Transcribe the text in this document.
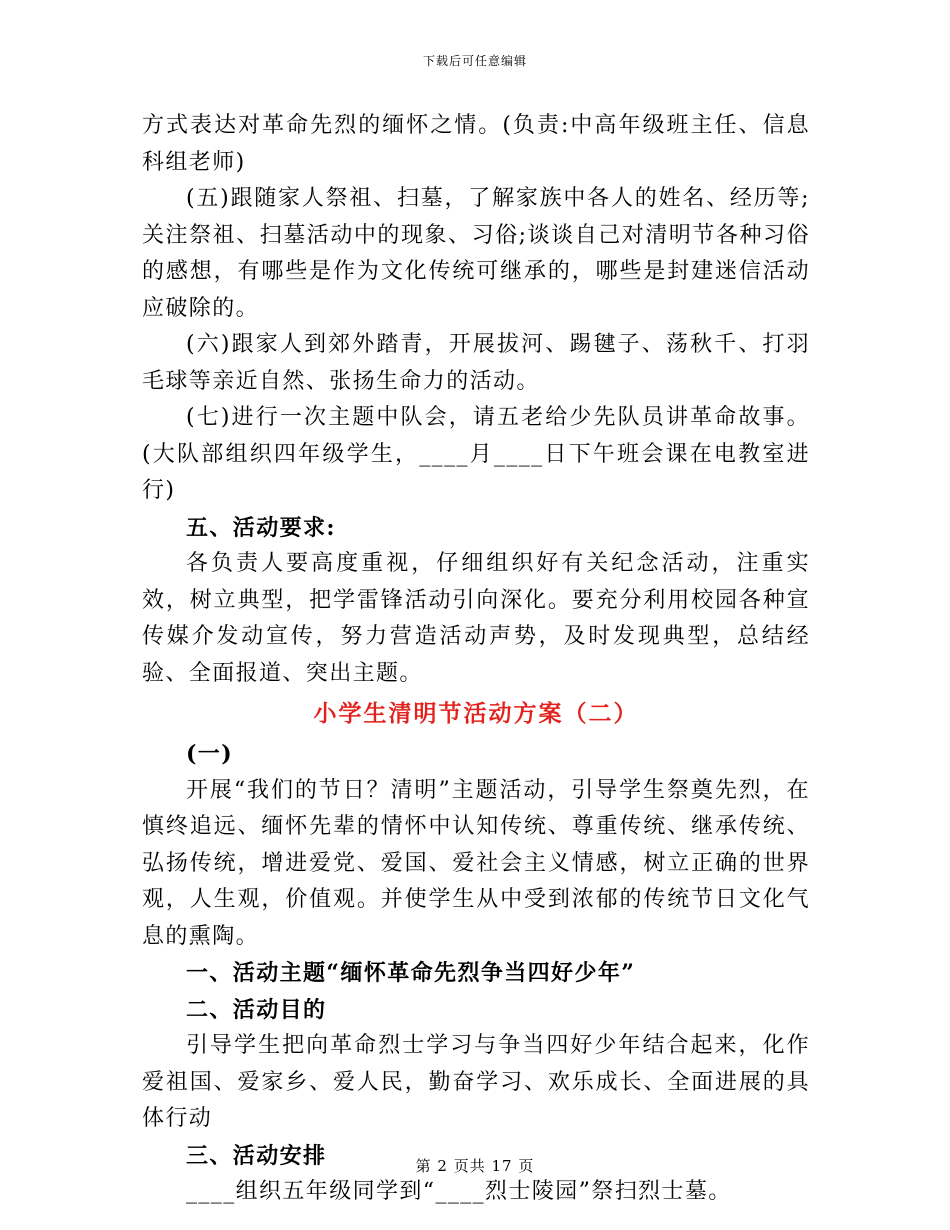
下载后可任意编辑

方式表达对革命先烈的缅怀之情。(负责:中高年级班主任、信息科组老师)

(五)跟随家人祭祖、扫墓，了解家族中各人的姓名、经历等;关注祭祖、扫墓活动中的现象、习俗;谈谈自己对清明节各种习俗的感想，有哪些是作为文化传统可继承的，哪些是封建迷信活动应破除的。

(六)跟家人到郊外踏青，开展拔河、踢毽子、荡秋千、打羽毛球等亲近自然、张扬生命力的活动。

(七)进行一次主题中队会，请五老给少先队员讲革命故事。(大队部组织四年级学生，____月____日下午班会课在电教室进行)

五、活动要求:

各负责人要高度重视，仔细组织好有关纪念活动，注重实效，树立典型，把学雷锋活动引向深化。要充分利用校园各种宣传媒介发动宣传，努力营造活动声势，及时发现典型，总结经验、全面报道、突出主题。

小学生清明节活动方案（二）

(一)

开展“我们的节日？清明”主题活动，引导学生祭奠先烈，在慎终追远、缅怀先辈的情怀中认知传统、尊重传统、继承传统、弘扬传统，增进爱党、爱国、爱社会主义情感，树立正确的世界观，人生观，价值观。并使学生从中受到浓郁的传统节日文化气息的熏陶。

一、活动主题“缅怀革命先烈争当四好少年”

二、活动目的

引导学生把向革命烈士学习与争当四好少年结合起来，化作爱祖国、爱家乡、爱人民，勤奋学习、欢乐成长、全面进展的具体行动

三、活动安排

____组织五年级同学到“____烈士陵园”祭扫烈士墓。

第 2 页共 17 页
